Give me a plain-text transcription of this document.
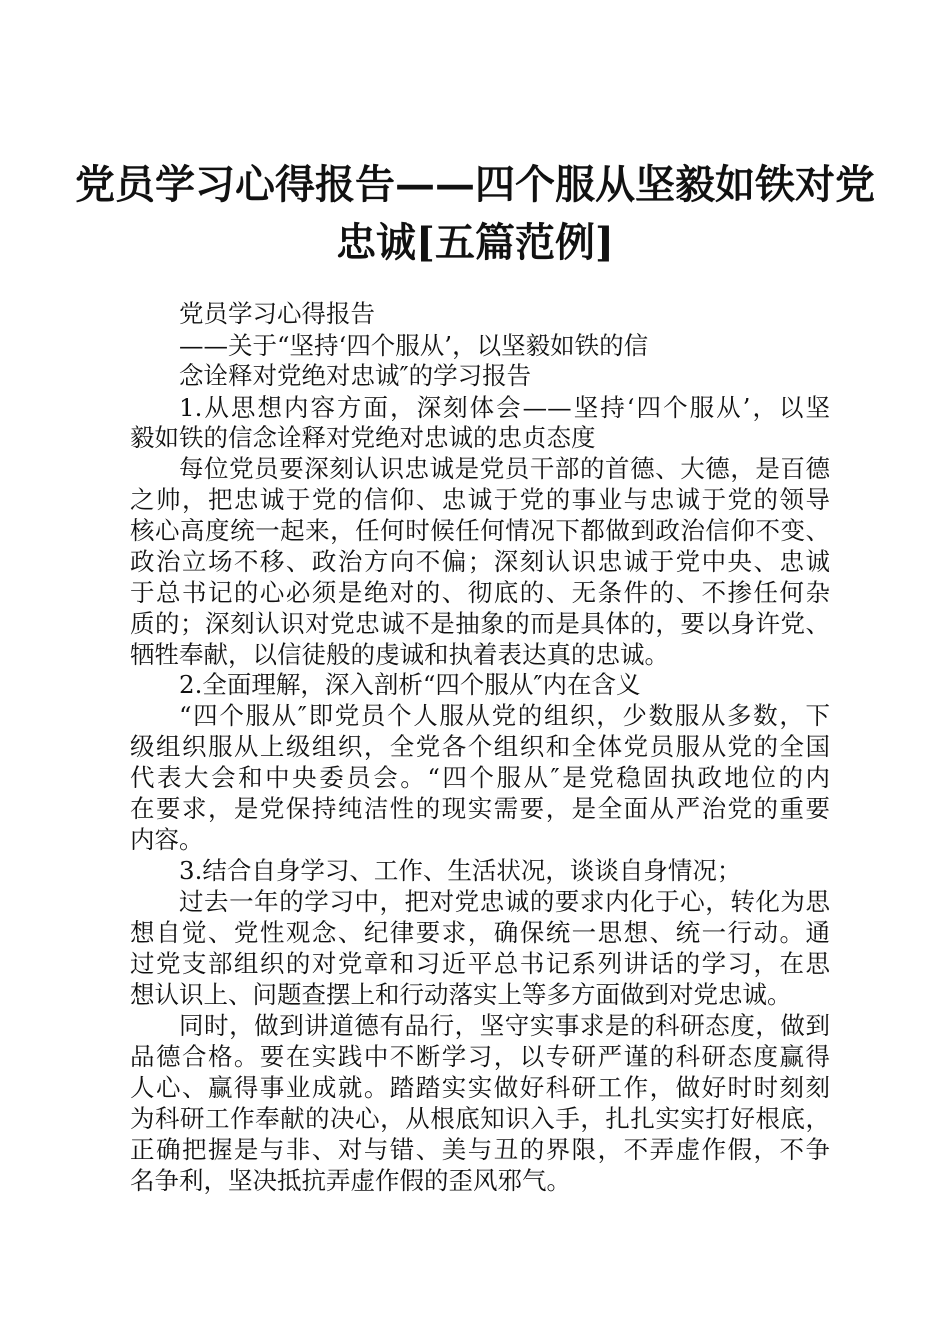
党员学习心得报告——四个服从坚毅如铁对党
忠诚[五篇范例]
党员学习心得报告
——关于“坚持‘四个服从’，以坚毅如铁的信
念诠释对党绝对忠诚″的学习报告
1.从思想内容方面，深刻体会——坚持‘四个服从’，以坚
毅如铁的信念诠释对党绝对忠诚的忠贞态度
每位党员要深刻认识忠诚是党员干部的首德、大德，是百德
之帅，把忠诚于党的信仰、忠诚于党的事业与忠诚于党的领导
核心高度统一起来，任何时候任何情况下都做到政治信仰不变、
政治立场不移、政治方向不偏；深刻认识忠诚于党中央、忠诚
于总书记的心必须是绝对的、彻底的、无条件的、不掺任何杂
质的；深刻认识对党忠诚不是抽象的而是具体的，要以身许党、
牺牲奉献，以信徒般的虔诚和执着表达真的忠诚。
2.全面理解，深入剖析“四个服从″内在含义
“四个服从″即党员个人服从党的组织，少数服从多数，下
级组织服从上级组织，全党各个组织和全体党员服从党的全国
代表大会和中央委员会。“四个服从″是党稳固执政地位的内
在要求，是党保持纯洁性的现实需要，是全面从严治党的重要
内容。
3.结合自身学习、工作、生活状况，谈谈自身情况；
过去一年的学习中，把对党忠诚的要求内化于心，转化为思
想自觉、党性观念、纪律要求，确保统一思想、统一行动。通
过党支部组织的对党章和习近平总书记系列讲话的学习，在思
想认识上、问题查摆上和行动落实上等多方面做到对党忠诚。
同时，做到讲道德有品行，坚守实事求是的科研态度，做到
品德合格。要在实践中不断学习，以专研严谨的科研态度赢得
人心、赢得事业成就。踏踏实实做好科研工作，做好时时刻刻
为科研工作奉献的决心，从根底知识入手，扎扎实实打好根底，
正确把握是与非、对与错、美与丑的界限，不弄虚作假，不争
名争利，坚决抵抗弄虚作假的歪风邪气。
